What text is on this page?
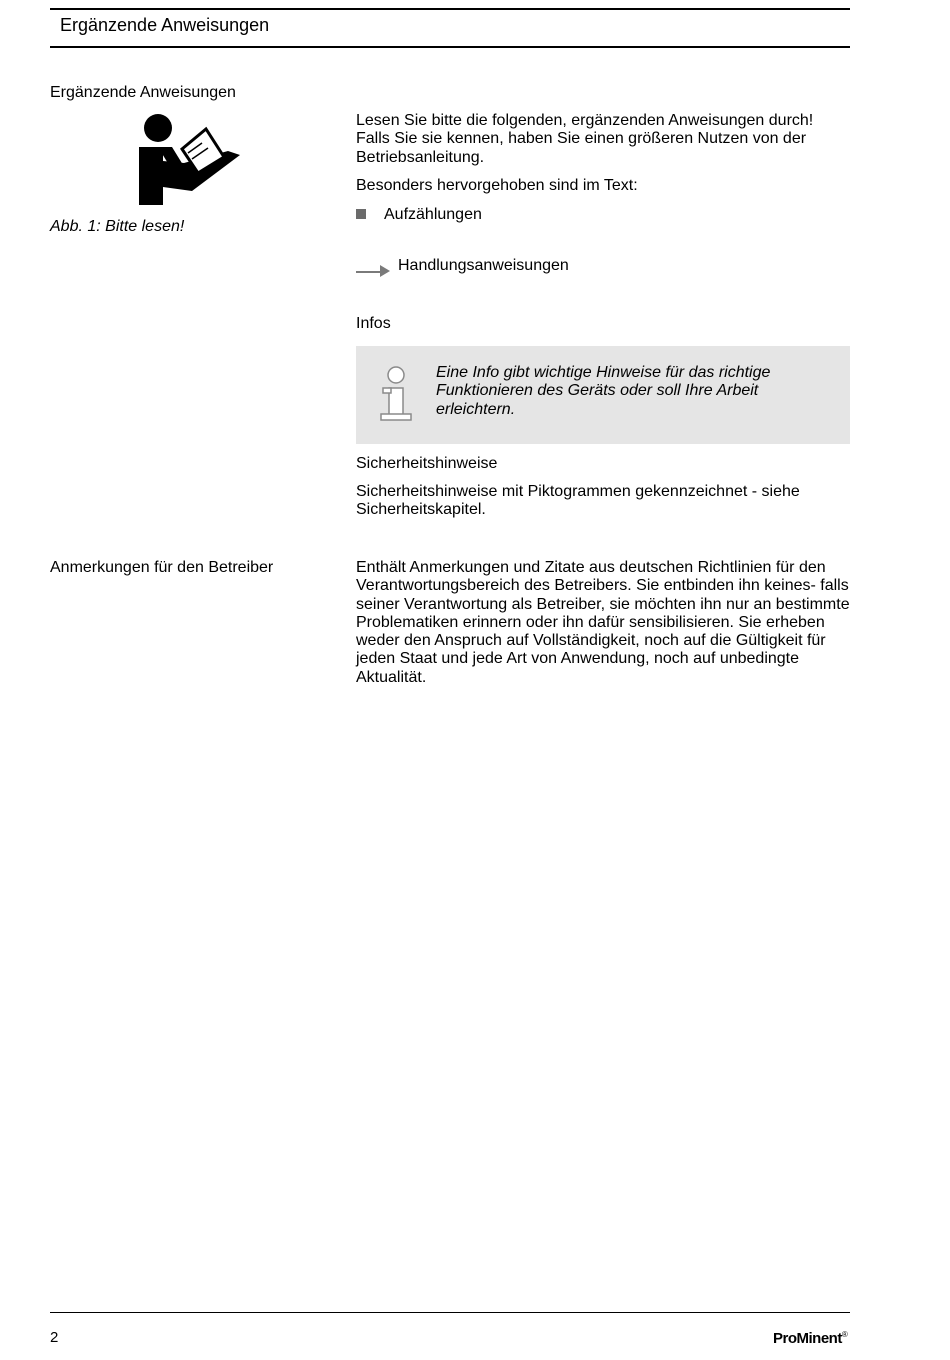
Ergänzende Anweisungen
Ergänzende Anweisungen
Abb. 1: Bitte lesen!

Lesen Sie bitte die folgenden, ergänzenden Anweisungen durch! Falls Sie sie kennen, haben Sie einen größeren Nutzen von der Betriebsanleitung.

Besonders hervorgehoben sind im Text:

Aufzählungen
Handlungsanweisungen
Infos

Eine Info gibt wichtige Hinweise für das richtige Funktionieren des Geräts oder soll Ihre Arbeit erleichtern.

Sicherheitshinweise

Sicherheitshinweise mit Piktogrammen gekennzeichnet - siehe Sicherheitskapitel.

Anmerkungen für den Betreiber	Enthält Anmerkungen und Zitate aus deutschen Richtlinien für den Verantwortungsbereich des Betreibers. Sie entbinden ihn keines- falls seiner Verantwortung als Betreiber, sie möchten ihn nur an bestimmte Problematiken erinnern oder ihn dafür sensibilisieren. Sie erheben weder den Anspruch auf Vollständigkeit, noch auf die Gültigkeit für jeden Staat und jede Art von Anwendung, noch auf unbedingte Aktualität.

2	ProMinent®
